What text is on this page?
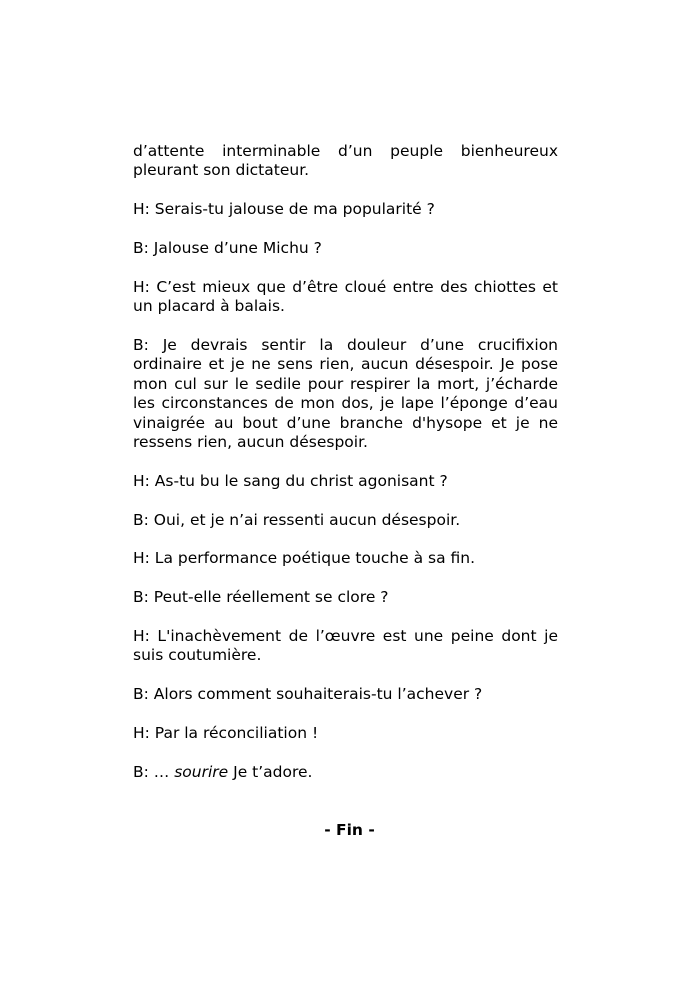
d’attente interminable d’un peuple bienheureux pleurant son dictateur.

H: Serais-tu jalouse de ma popularité ?

B: Jalouse d’une Michu ?

H: C’est mieux que d’être cloué entre des chiottes et un placard à balais.

B: Je devrais sentir la douleur d’une crucifixion ordinaire et je ne sens rien, aucun désespoir. Je pose mon cul sur le sedile pour respirer la mort, j’écharde les circonstances de mon dos, je lape l’éponge d’eau vinaigrée au bout d’une branche d'hysope et je ne ressens rien, aucun désespoir.

H: As-tu bu le sang du christ agonisant ?

B: Oui, et je n’ai ressenti aucun désespoir.

H: La performance poétique touche à sa fin.

B: Peut-elle réellement se clore ?

H: L'inachèvement de l’œuvre est une peine dont je suis coutumière.

B: Alors comment souhaiterais-tu l’achever ?

H: Par la réconciliation !

B: … sourire Je t’adore.

- Fin -
